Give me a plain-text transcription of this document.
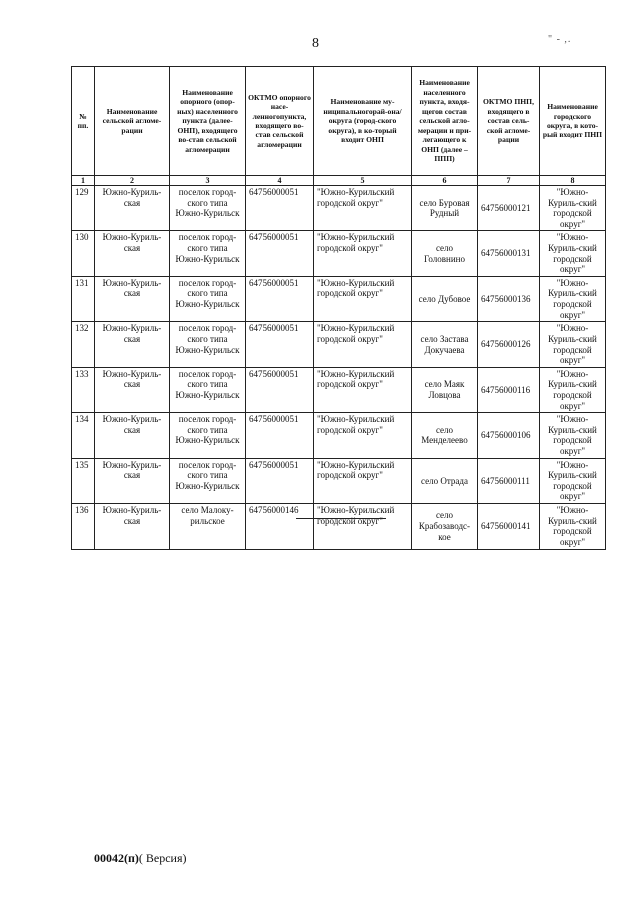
8	" - ,.
№ пп.	Наименование сельской агломе-рации	Наименование опорного (опор-ных) населенного пункта (далее-ОНП), входящего вo-став сельской агломерации	ОКТМО опорного насе-ленногопункта, входящего вo-став сельской агломерации	Наименование му-ниципальногорай-она/округа (город-ского округа), в ко-торый входит ОНП	Наименование населенного пункта, входя-щегов состав сельской агло-мерации и при-легающего к ОНП (далее – ППП)	ОКТМО ПНП, входящего в состав сель-ской агломе-рации	Наименование городского округа, в кото-рый входит ПНП
1	2	3	4	5	6	7	8
129	Южно-Куриль-ская	поселок город-ского типа Южно-Курильск	64756000051	"Южно-Курильский городской округ"	село Буровая Рудный	64756000121	"Южно-Куриль-ский городской округ"
130	Южно-Куриль-ская	поселок город-ского типа Южно-Курильск	64756000051	"Южно-Курильский городской округ"	село Головнино	64756000131	"Южно-Куриль-ский городской округ"
131	Южно-Куриль-ская	поселок город-ского типа Южно-Курильск	64756000051	"Южно-Курильский городской округ"	село Дубовое	64756000136	"Южно-Куриль-ский городской округ"
132	Южно-Куриль-ская	поселок город-ского типа Южно-Курильск	64756000051	"Южно-Курильский городской округ"	село Застава Докучаева	64756000126	"Южно-Куриль-ский городской округ"
133	Южно-Куриль-ская	поселок город-ского типа Южно-Курильск	64756000051	"Южно-Курильский городской округ"	село Маяк Ловцова	64756000116	"Южно-Куриль-ский городской округ"
134	Южно-Куриль-ская	поселок город-ского типа Южно-Курильск	64756000051	"Южно-Курильский городской округ"	село Менделеево	64756000106	"Южно-Куриль-ский городской округ"
135	Южно-Куриль-ская	поселок город-ского типа Южно-Курильск	64756000051	"Южно-Курильский городской округ"	село Отрада	64756000111	"Южно-Куриль-ский городской округ"
136	Южно-Куриль-ская	село Малоку-рильское	64756000146	"Южно-Курильский городской округ"	село Крабозаводс-кое	64756000141	"Южно-Куриль-ский городской округ"
00042(п)( Версия)
